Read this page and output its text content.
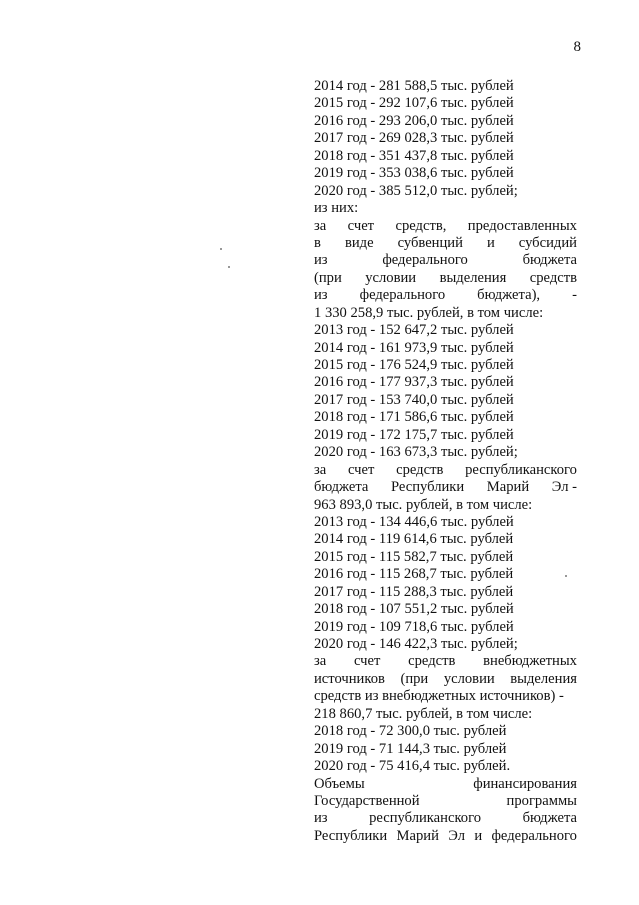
8
2014 год - 281 588,5 тыс. рублей
2015 год - 292 107,6 тыс. рублей
2016 год - 293 206,0 тыс. рублей
2017 год - 269 028,3 тыс. рублей
2018 год - 351 437,8 тыс. рублей
2019 год - 353 038,6 тыс. рублей
2020 год - 385 512,0 тыс. рублей;
из них:
за счет средств, предоставленных
в виде субвенций и субсидий
из	федерального	бюджета
(при условии выделения средств
из федерального бюджета), -
1 330 258,9 тыс. рублей, в том числе:
2013 год - 152 647,2 тыс. рублей
2014 год - 161 973,9 тыс. рублей
2015 год - 176 524,9 тыс. рублей
2016 год - 177 937,3 тыс. рублей
2017 год - 153 740,0 тыс. рублей
2018 год - 171 586,6 тыс. рублей
2019 год - 172 175,7 тыс. рублей
2020 год - 163 673,3 тыс. рублей;
за счет средств республиканского
бюджета Республики Марий Эл -
963 893,0 тыс. рублей, в том числе:
2013 год - 134 446,6 тыс. рублей
2014 год - 119 614,6 тыс. рублей
2015 год - 115 582,7 тыс. рублей
2016 год - 115 268,7 тыс. рублей
2017 год - 115 288,3 тыс. рублей
2018 год - 107 551,2 тыс. рублей
2019 год - 109 718,6 тыс. рублей
2020 год - 146 422,3 тыс. рублей;
за счет средств внебюджетных
источников (при условии выделения
средств из внебюджетных источников) -
218 860,7 тыс. рублей, в том числе:
2018 год - 72 300,0 тыс. рублей
2019 год - 71 144,3 тыс. рублей
2020 год - 75 416,4 тыс. рублей.
Объемы	финансирования
Государственной	программы
из	республиканского	бюджета
Республики Марий Эл и федерального
